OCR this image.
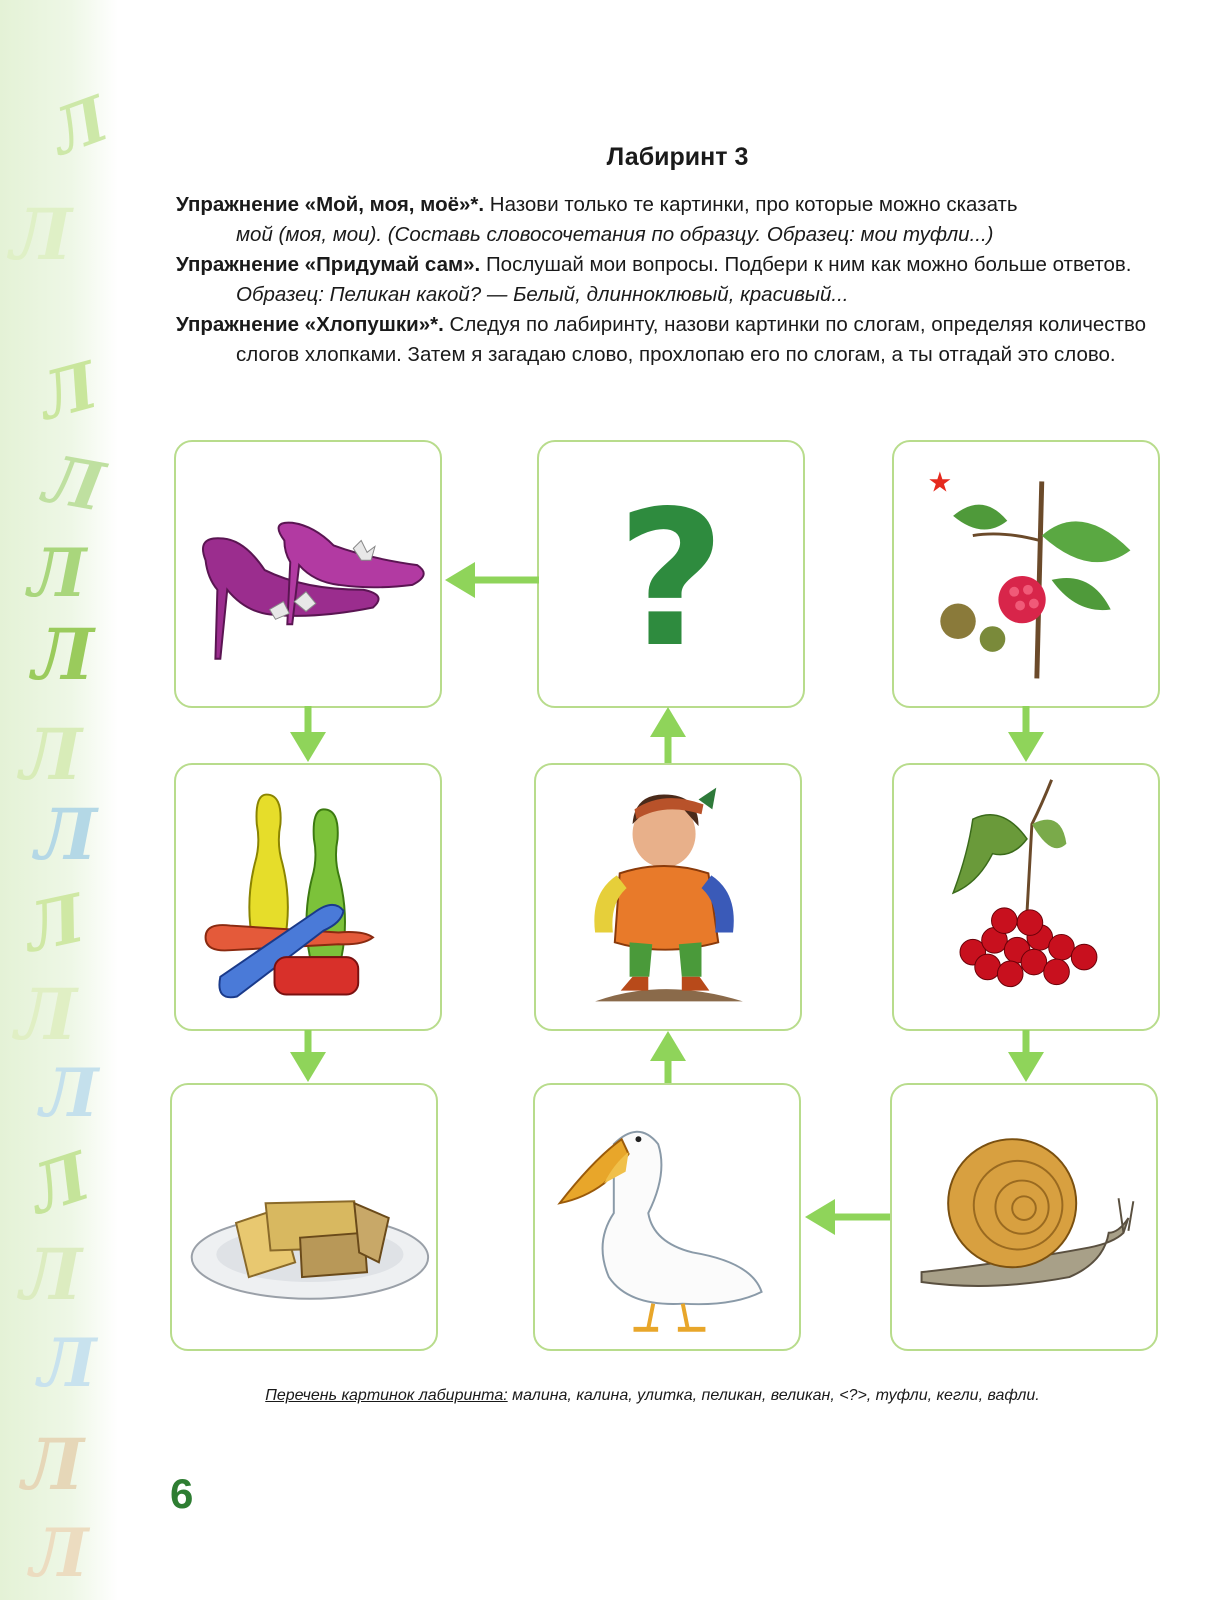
Л
Л
Л
Л
Л
Л
Л
Л
Л
Л
Л
Л
Л
Л
Л
Л
Лабиринт 3

Упражнение «Мой, моя, моё»*. Назови только те картинки, про которые можно сказать
мой (моя, мои). (Составь словосочетания по образцу. Образец: мои туфли...)

Упражнение «Придумай сам». Послушай мои вопросы. Подбери к ним как можно больше ответов. Образец: Пеликан какой? — Белый, длинноклювый, красивый...

Упражнение «Хлопушки»*. Следуя по лабиринту, назови картинки по слогам, определяя количество слогов хлопками. Затем я загадаю слово, прохлопаю его по слогам, а ты отгадай это слово.

?	★
Перечень картинок лабиринта: малина, калина, улитка, пеликан, великан, <?>, туфли, кегли, вафли.
6
